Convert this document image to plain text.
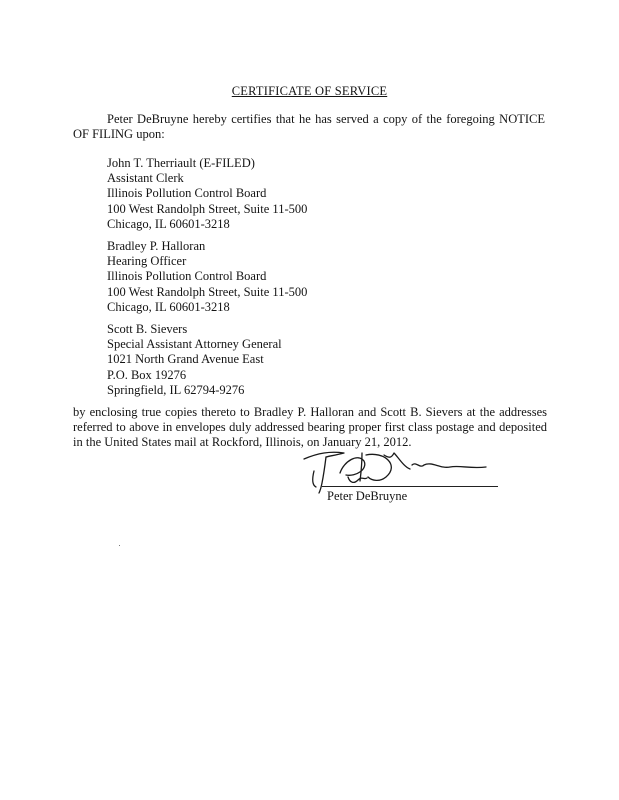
CERTIFICATE OF SERVICE

Peter DeBruyne hereby certifies that he has served a copy of the foregoing NOTICE OF FILING upon:

John T. Therriault (E-FILED)
Assistant Clerk
Illinois Pollution Control Board
100 West Randolph Street, Suite 11-500
Chicago, IL 60601-3218
Bradley P. Halloran
Hearing Officer
Illinois Pollution Control Board
100 West Randolph Street, Suite 11-500
Chicago, IL 60601-3218
Scott B. Sievers
Special Assistant Attorney General
1021 North Grand Avenue East
P.O. Box 19276
Springfield, IL 62794-9276

by enclosing true copies thereto to Bradley P. Halloran and Scott B. Sievers at the addresses referred to above in envelopes duly addressed bearing proper first class postage and deposited in the United States mail at Rockford, Illinois, on January 21, 2012.

Peter DeBruyne
